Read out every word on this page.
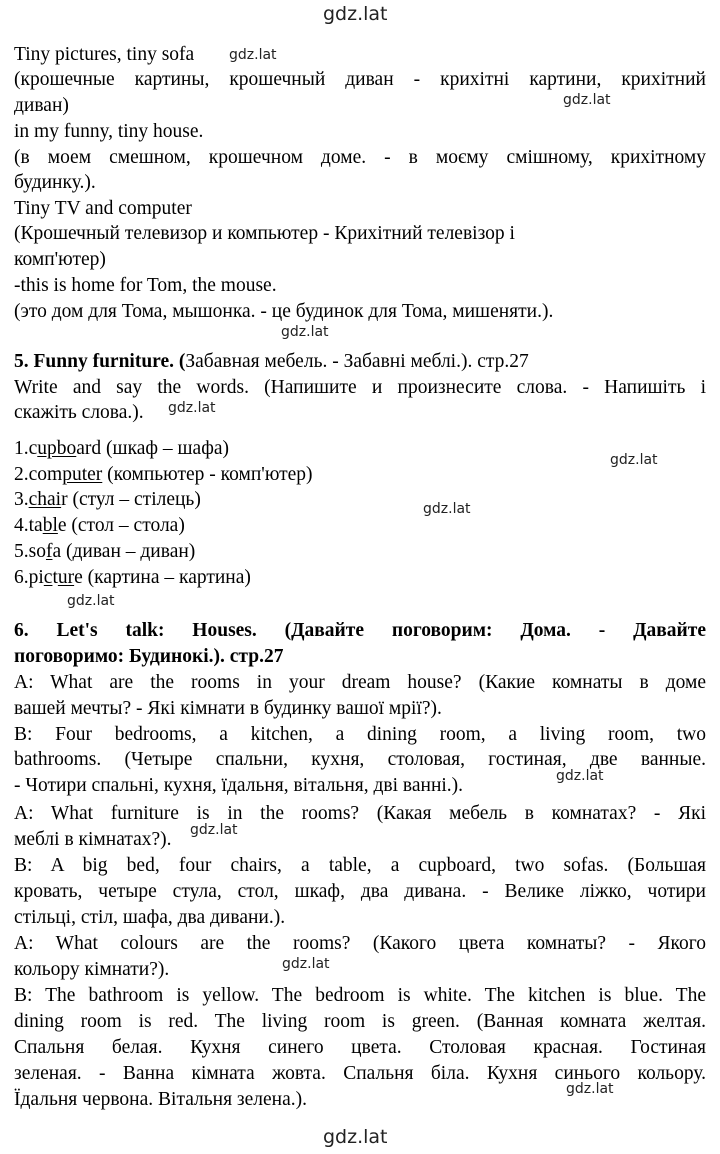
gdz.lat
gdz.lat
gdz.lat
gdz.lat
gdz.lat
gdz.lat
gdz.lat
gdz.lat
gdz.lat
gdz.lat
gdz.lat
gdz.lat
gdz.lat
Tiny pictures, tiny sofa
(крошечные картины, крошечный диван - крихітні картини, крихітний
диван)
in my funny, tiny house.
(в моем смешном, крошечном доме. - в моєму смішному, крихітному
будинку.).
Tiny TV and computer
(Крошечный телевизор и компьютер - Крихітний телевізор і
комп'ютер)
-this is home for Tom, the mouse.
(это дом для Тома, мышонка. - це будинок для Тома, мишеняти.).
5. Funny furniture. (Забавная мебель. - Забавні меблі.). стр.27
Write and say the words. (Напишите и произнесите слова. - Напишіть і
скажіть слова.).
1.cupboard (шкаф – шафа)
2.computer (компьютер - комп'ютер)
3.chair (стул – стілець)
4.table (стол – стола)
5.sofa (диван – диван)
6.picture (картина – картина)
6. Let's talk: Houses. (Давайте поговорим: Дома. - Давайте
поговоримо: Будинокі.). стр.27
A: What are the rooms in your dream house? (Какие комнаты в доме
вашей мечты? - Які кімнати в будинку вашої мрії?).
B: Four bedrooms, a kitchen, a dining room, a living room, two
bathrooms. (Четыре спальни, кухня, столовая, гостиная, две ванные.
- Чотири спальні, кухня, їдальня, вітальня, дві ванні.).
A: What furniture is in the rooms? (Какая мебель в комнатах? - Які
меблі в кімнатах?).
B: A big bed, four chairs, a table, a cupboard, two sofas. (Большая
кровать, четыре стула, стол, шкаф, два дивана. - Велике ліжко, чотири
стільці, стіл, шафа, два дивани.).
A: What colours are the rooms? (Какого цвета комнаты? - Якого
кольору кімнати?).
B: The bathroom is yellow. The bedroom is white. The kitchen is blue. The
dining room is red. The living room is green. (Ванная комната желтая.
Спальня белая. Кухня синего цвета. Столовая красная. Гостиная
зеленая. - Ванна кімната жовта. Спальня біла. Кухня синього кольору.
Їдальня червона. Вітальня зелена.).
